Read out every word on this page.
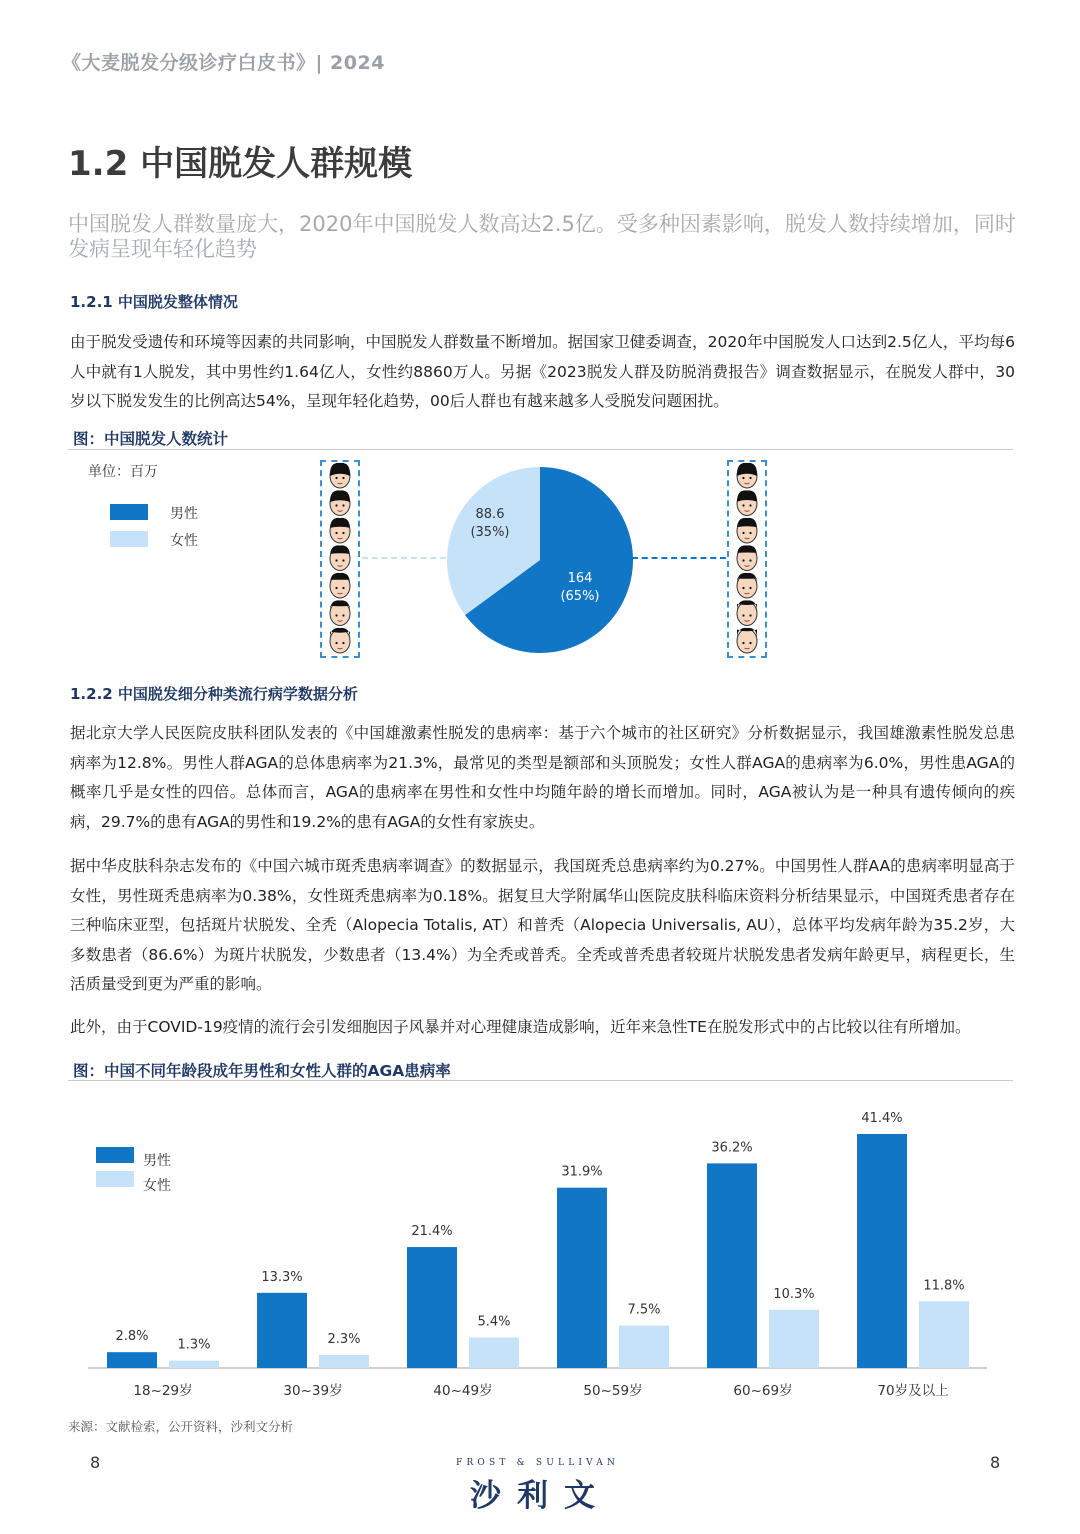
《大麦脱发分级诊疗白皮书》| 2024
1.2 中国脱发人群规模
中国脱发人群数量庞大，2020年中国脱发人数高达2.5亿。受多种因素影响，脱发人数持续增加，同时发病呈现年轻化趋势
1.2.1 中国脱发整体情况
由于脱发受遗传和环境等因素的共同影响，中国脱发人群数量不断增加。据国家卫健委调查，2020年中国脱发人口达到2.5亿人，平均每6人中就有1人脱发，其中男性约1.64亿人，女性约8860万人。另据《2023脱发人群及防脱消费报告》调查数据显示，在脱发人群中，30岁以下脱发发生的比例高达54%，呈现年轻化趋势，00后人群也有越来越多人受脱发问题困扰。
图：中国脱发人数统计
单位：百万
男性
女性
164
(65%)
88.6
(35%)
1.2.2 中国脱发细分种类流行病学数据分析
据北京大学人民医院皮肤科团队发表的《中国雄激素性脱发的患病率：基于六个城市的社区研究》分析数据显示，我国雄激素性脱发总患病率为12.8%。男性人群AGA的总体患病率为21.3%，最常见的类型是额部和头顶脱发；女性人群AGA的患病率为6.0%，男性患AGA的概率几乎是女性的四倍。总体而言，AGA的患病率在男性和女性中均随年龄的增长而增加。同时，AGA被认为是一种具有遗传倾向的疾病，29.7%的患有AGA的男性和19.2%的患有AGA的女性有家族史。
据中华皮肤科杂志发布的《中国六城市斑秃患病率调查》的数据显示，我国斑秃总患病率约为0.27%。中国男性人群AA的患病率明显高于女性，男性斑秃患病率为0.38%，女性斑秃患病率为0.18%。据复旦大学附属华山医院皮肤科临床资料分析结果显示，中国斑秃患者存在三种临床亚型，包括斑片状脱发、全秃（Alopecia Totalis, AT）和普秃（Alopecia Universalis, AU），总体平均发病年龄为35.2岁，大多数患者（86.6%）为斑片状脱发，少数患者（13.4%）为全秃或普秃。全秃或普秃患者较斑片状脱发患者发病年龄更早，病程更长，生活质量受到更为严重的影响。
此外，由于COVID-19疫情的流行会引发细胞因子风暴并对心理健康造成影响，近年来急性TE在脱发形式中的占比较以往有所增加。
图：中国不同年龄段成年男性和女性人群的AGA患病率
男性
女性
2.8%
1.3%
18~29岁
13.3%
2.3%
30~39岁
21.4%
5.4%
40~49岁
31.9%
7.5%
50~59岁
36.2%
10.3%
60~69岁
41.4%
11.8%
70岁及以上
来源：文献检索，公开资料，沙利文分析
8	8
FROST & SULLIVAN
沙利文
